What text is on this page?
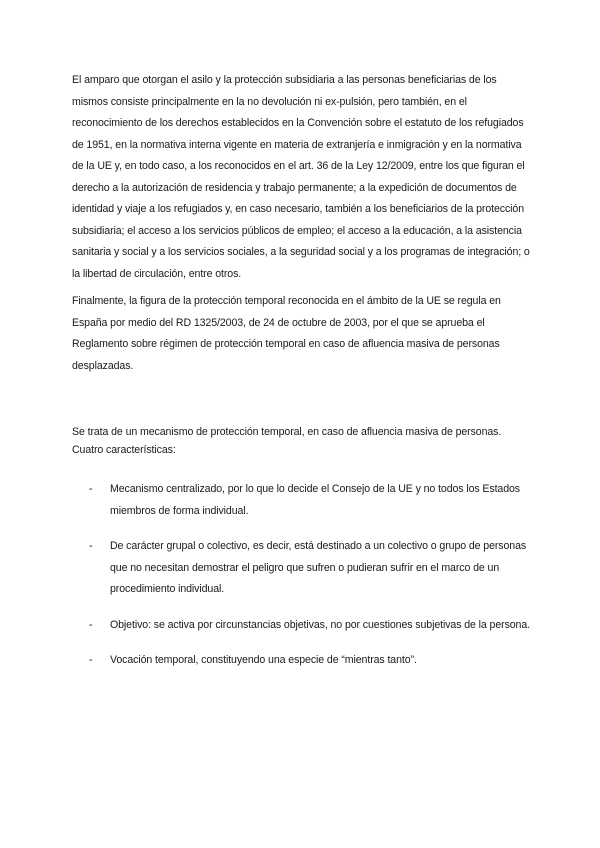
El amparo que otorgan el asilo y la protección subsidiaria a las personas beneficiarias de los mismos consiste principalmente en la no devolución ni ex-pulsión, pero también, en el reconocimiento de los derechos establecidos en la Convención sobre el estatuto de los refugiados de 1951, en la normativa interna vigente en materia de extranjería e inmigración y en la normativa de la UE y, en todo caso, a los reconocidos en el art. 36 de la Ley 12/2009, entre los que figuran el derecho a la autorización de residencia y trabajo permanente; a la expedición de documentos de identidad y viaje a los refugiados y, en caso necesario, también a los beneficiarios de la protección subsidiaria; el acceso a los servicios públicos de empleo; el acceso a la educación, a la asistencia sanitaria y social y a los servicios sociales, a la seguridad social y a los programas de integración; o la libertad de circulación, entre otros.

Finalmente, la figura de la protección temporal reconocida en el ámbito de la UE se regula en España por medio del RD 1325/2003, de 24 de octubre de 2003, por el que se aprueba el Reglamento sobre régimen de protección temporal en caso de afluencia masiva de personas desplazadas.

Se trata de un mecanismo de protección temporal, en caso de afluencia masiva de personas. Cuatro características:

- Mecanismo centralizado, por lo que lo decide el Consejo de la UE y no todos los Estados miembros de forma individual.
- De carácter grupal o colectivo, es decir, está destinado a un colectivo o grupo de personas que no necesitan demostrar el peligro que sufren o pudieran sufrir en el marco de un procedimiento individual.
- Objetivo: se activa por circunstancias objetivas, no por cuestiones subjetivas de la persona.
- Vocación temporal, constituyendo una especie de “mientras tanto”.
